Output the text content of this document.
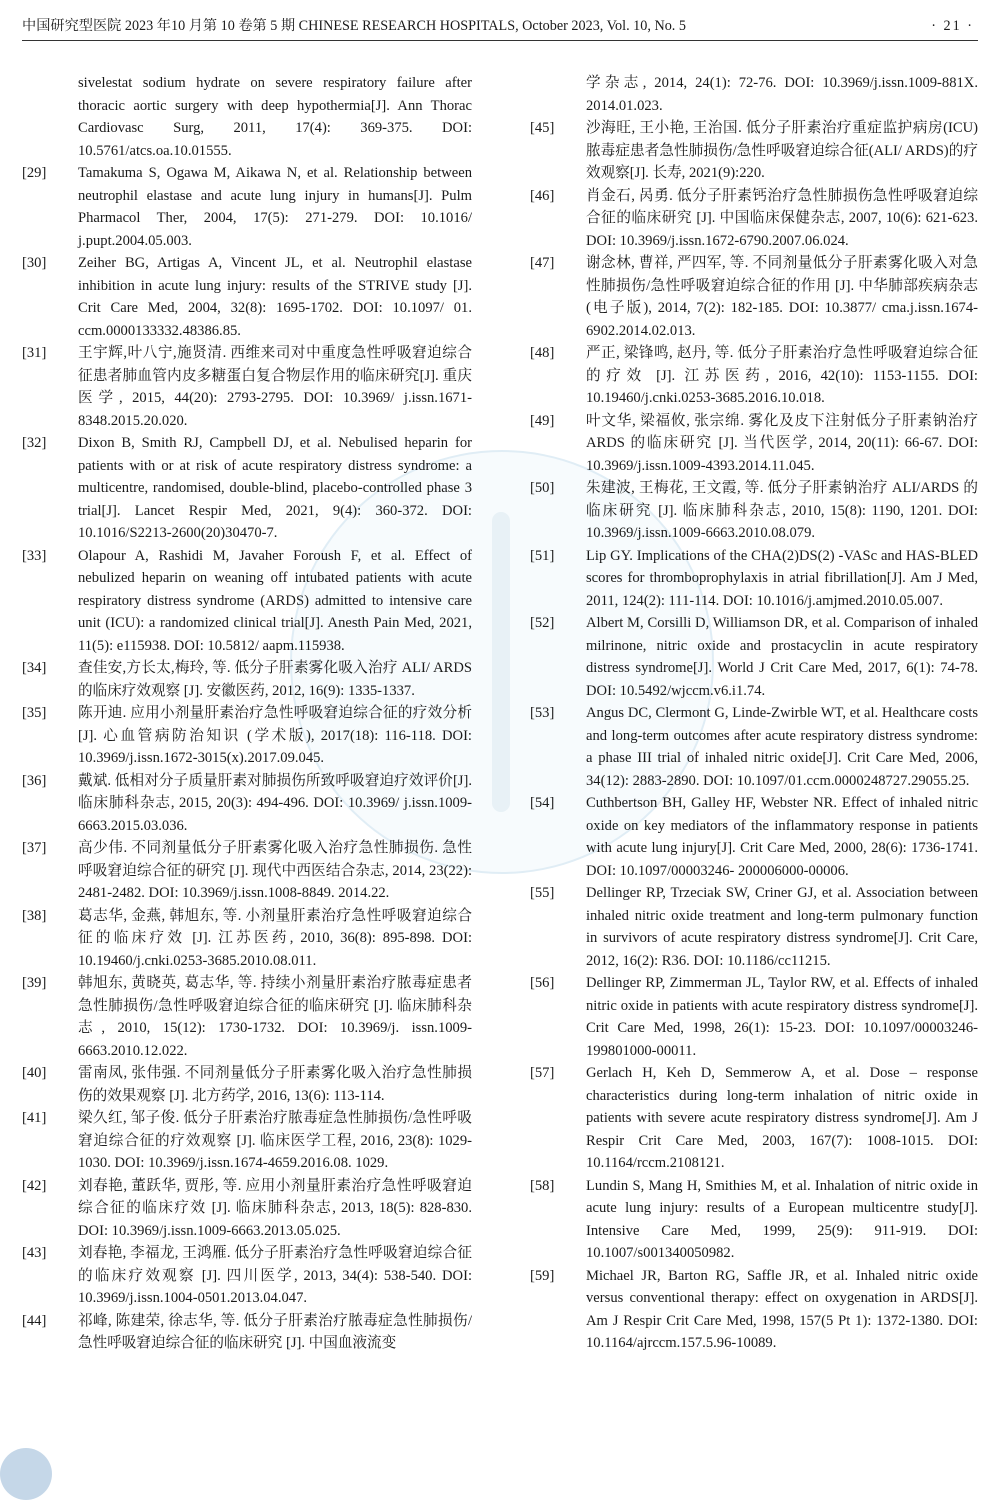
中国研究型医院 2023 年10 月第 10 卷第 5 期 CHINESE RESEARCH HOSPITALS, October 2023, Vol. 10, No. 5	· 21 ·
sivelestat sodium hydrate on severe respiratory failure after thoracic aortic surgery with deep hypothermia[J]. Ann Thorac Cardiovasc Surg, 2011, 17(4): 369-375. DOI: 10.5761/atcs.oa.10.01555.
[29] Tamakuma S, Ogawa M, Aikawa N, et al. Relationship between neutrophil elastase and acute lung injury in humans[J]. Pulm Pharmacol Ther, 2004, 17(5): 271-279. DOI: 10.1016/ j.pupt.2004.05.003.
[30] Zeiher BG, Artigas A, Vincent JL, et al. Neutrophil elastase inhibition in acute lung injury: results of the STRIVE study [J]. Crit Care Med, 2004, 32(8): 1695-1702. DOI: 10.1097/ 01. ccm.0000133332.48386.85.
[31] 王宇辉,叶八宁,施贤清. 西维来司对中重度急性呼吸窘迫综合征患者肺血管内皮多糖蛋白复合物层作用的临床研究[J]. 重庆医学, 2015, 44(20): 2793-2795. DOI: 10.3969/ j.issn.1671-8348.2015.20.020.
[32] Dixon B, Smith RJ, Campbell DJ, et al. Nebulised heparin for patients with or at risk of acute respiratory distress syndrome: a multicentre, randomised, double-blind, placebo-controlled phase 3 trial[J]. Lancet Respir Med, 2021, 9(4): 360-372. DOI: 10.1016/S2213-2600(20)30470-7.
[33] Olapour A, Rashidi M, Javaher Foroush F, et al. Effect of nebulized heparin on weaning off intubated patients with acute respiratory distress syndrome (ARDS) admitted to intensive care unit (ICU): a randomized clinical trial[J]. Anesth Pain Med, 2021, 11(5): e115938. DOI: 10.5812/ aapm.115938.
[34] 查佳安,方长太,梅玲, 等. 低分子肝素雾化吸入治疗 ALI/ ARDS 的临床疗效观察 [J]. 安徽医药, 2012, 16(9): 1335-1337.
[35] 陈开迪. 应用小剂量肝素治疗急性呼吸窘迫综合征的疗效分析 [J]. 心血管病防治知识 (学术版), 2017(18): 116-118. DOI: 10.3969/j.issn.1672-3015(x).2017.09.045.
[36] 戴斌. 低相对分子质量肝素对肺损伤所致呼吸窘迫疗效评价[J]. 临床肺科杂志, 2015, 20(3): 494-496. DOI: 10.3969/ j.issn.1009-6663.2015.03.036.
[37] 高少伟. 不同剂量低分子肝素雾化吸入治疗急性肺损伤. 急性呼吸窘迫综合征的研究 [J]. 现代中西医结合杂志, 2014, 23(22): 2481-2482. DOI: 10.3969/j.issn.1008-8849. 2014.22.
[38] 葛志华, 金燕, 韩旭东, 等. 小剂量肝素治疗急性呼吸窘迫综合征的临床疗效 [J]. 江苏医药, 2010, 36(8): 895-898. DOI: 10.19460/j.cnki.0253-3685.2010.08.011.
[39] 韩旭东, 黄晓英, 葛志华, 等. 持续小剂量肝素治疗脓毒症患者急性肺损伤/急性呼吸窘迫综合征的临床研究 [J]. 临床肺科杂志, 2010, 15(12): 1730-1732. DOI: 10.3969/j. issn.1009-6663.2010.12.022.
[40] 雷南凤, 张伟强. 不同剂量低分子肝素雾化吸入治疗急性肺损伤的效果观察 [J]. 北方药学, 2016, 13(6): 113-114.
[41] 梁久红, 邹子俊. 低分子肝素治疗脓毒症急性肺损伤/急性呼吸窘迫综合征的疗效观察 [J]. 临床医学工程, 2016, 23(8): 1029-1030. DOI: 10.3969/j.issn.1674-4659.2016.08. 1029.
[42] 刘春艳, 董跃华, 贾彤, 等. 应用小剂量肝素治疗急性呼吸窘迫综合征的临床疗效 [J]. 临床肺科杂志, 2013, 18(5): 828-830. DOI: 10.3969/j.issn.1009-6663.2013.05.025.
[43] 刘春艳, 李福龙, 王鸿雁. 低分子肝素治疗急性呼吸窘迫综合征的临床疗效观察 [J]. 四川医学, 2013, 34(4): 538-540. DOI: 10.3969/j.issn.1004-0501.2013.04.047.
[44] 祁峰, 陈建荣, 徐志华, 等. 低分子肝素治疗脓毒症急性肺损伤/ 急性呼吸窘迫综合征的临床研究 [J]. 中国血液流变
学杂志, 2014, 24(1): 72-76. DOI: 10.3969/j.issn.1009-881X. 2014.01.023.
[45] 沙海旺, 王小艳, 王治国. 低分子肝素治疗重症监护病房(ICU)脓毒症患者急性肺损伤/急性呼吸窘迫综合征(ALI/ ARDS)的疗效观察[J]. 长寿, 2021(9):220.
[46] 肖金石, 呙勇. 低分子肝素钙治疗急性肺损伤急性呼吸窘迫综合征的临床研究 [J]. 中国临床保健杂志, 2007, 10(6): 621-623. DOI: 10.3969/j.issn.1672-6790.2007.06.024.
[47] 谢念林, 曹祥, 严四军, 等. 不同剂量低分子肝素雾化吸入对急性肺损伤/急性呼吸窘迫综合征的作用 [J]. 中华肺部疾病杂志(电子版), 2014, 7(2): 182-185. DOI: 10.3877/ cma.j.issn.1674-6902.2014.02.013.
[48] 严正, 梁锋鸣, 赵丹, 等. 低分子肝素治疗急性呼吸窘迫综合征的疗效 [J]. 江苏医药, 2016, 42(10): 1153-1155. DOI: 10.19460/j.cnki.0253-3685.2016.10.018.
[49] 叶文华, 梁福攸, 张宗绵. 雾化及皮下注射低分子肝素钠治疗 ARDS 的临床研究 [J]. 当代医学, 2014, 20(11): 66-67. DOI: 10.3969/j.issn.1009-4393.2014.11.045.
[50] 朱建波, 王梅花, 王文霞, 等. 低分子肝素钠治疗 ALI/ARDS 的临床研究 [J]. 临床肺科杂志, 2010, 15(8): 1190, 1201. DOI: 10.3969/j.issn.1009-6663.2010.08.079.
[51] Lip GY. Implications of the CHA(2)DS(2) -VASc and HAS-BLED scores for thromboprophylaxis in atrial fibrillation[J]. Am J Med, 2011, 124(2): 111-114. DOI: 10.1016/j.amjmed.2010.05.007.
[52] Albert M, Corsilli D, Williamson DR, et al. Comparison of inhaled milrinone, nitric oxide and prostacyclin in acute respiratory distress syndrome[J]. World J Crit Care Med, 2017, 6(1): 74-78. DOI: 10.5492/wjccm.v6.i1.74.
[53] Angus DC, Clermont G, Linde-Zwirble WT, et al. Healthcare costs and long-term outcomes after acute respiratory distress syndrome: a phase III trial of inhaled nitric oxide[J]. Crit Care Med, 2006, 34(12): 2883-2890. DOI: 10.1097/01.ccm.0000248727.29055.25.
[54] Cuthbertson BH, Galley HF, Webster NR. Effect of inhaled nitric oxide on key mediators of the inflammatory response in patients with acute lung injury[J]. Crit Care Med, 2000, 28(6): 1736-1741. DOI: 10.1097/00003246- 200006000-00006.
[55] Dellinger RP, Trzeciak SW, Criner GJ, et al. Association between inhaled nitric oxide treatment and long-term pulmonary function in survivors of acute respiratory distress syndrome[J]. Crit Care, 2012, 16(2): R36. DOI: 10.1186/cc11215.
[56] Dellinger RP, Zimmerman JL, Taylor RW, et al. Effects of inhaled nitric oxide in patients with acute respiratory distress syndrome[J]. Crit Care Med, 1998, 26(1): 15-23. DOI: 10.1097/00003246-199801000-00011.
[57] Gerlach H, Keh D, Semmerow A, et al. Dose – response characteristics during long-term inhalation of nitric oxide in patients with severe acute respiratory distress syndrome[J]. Am J Respir Crit Care Med, 2003, 167(7): 1008-1015. DOI: 10.1164/rccm.2108121.
[58] Lundin S, Mang H, Smithies M, et al. Inhalation of nitric oxide in acute lung injury: results of a European multicentre study[J]. Intensive Care Med, 1999, 25(9): 911-919. DOI: 10.1007/s001340050982.
[59] Michael JR, Barton RG, Saffle JR, et al. Inhaled nitric oxide versus conventional therapy: effect on oxygenation in ARDS[J]. Am J Respir Crit Care Med, 1998, 157(5 Pt 1): 1372-1380. DOI: 10.1164/ajrccm.157.5.96-10089.
